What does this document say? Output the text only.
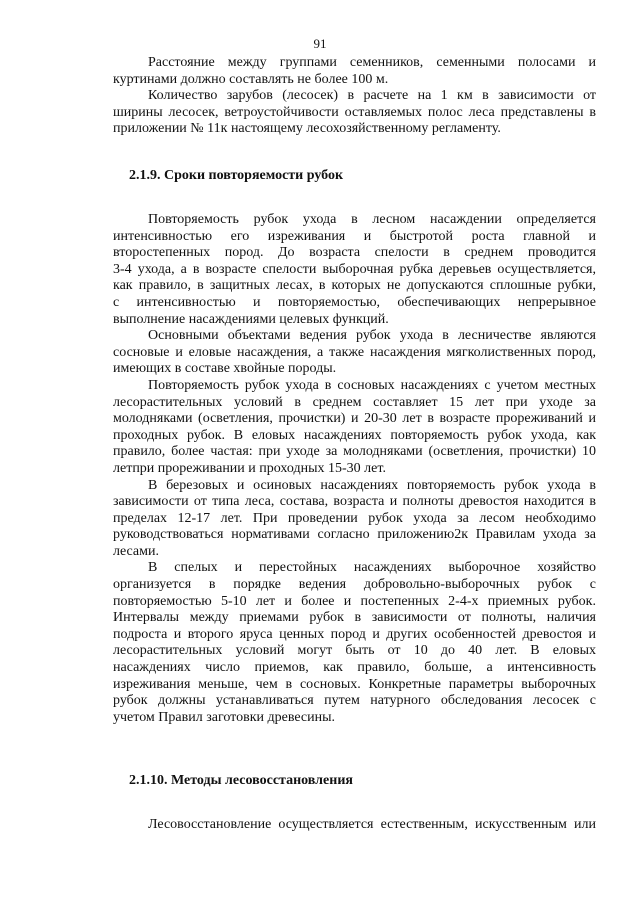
91
Расстояние между группами семенников, семенными полосами и
куртинами должно составлять не более 100 м.
Количество зарубов (лесосек) в расчете на 1 км в зависимости от
ширины лесосек, ветроустойчивости оставляемых полос леса представлены в
приложении № 11к настоящему лесохозяйственному регламенту.
2.1.9. Сроки повторяемости рубок
Повторяемость рубок ухода в лесном насаждении определяется
интенсивностью его изреживания и быстротой роста главной и
второстепенных пород. До возраста спелости в среднем проводится
3-4 ухода, а в возрасте спелости выборочная рубка деревьев осуществляется,
как правило, в защитных лесах, в которых не допускаются сплошные рубки,
с интенсивностью и повторяемостью, обеспечивающих непрерывное
выполнение насаждениями целевых функций.
Основными объектами ведения рубок ухода в лесничестве являются
сосновые и еловые насаждения, а также насаждения мягколиственных пород,
имеющих в составе хвойные породы.
Повторяемость рубок ухода в сосновых насаждениях с учетом местных
лесорастительных условий в среднем составляет 15 лет при уходе за
молодняками (осветления, прочистки) и 20-30 лет в возрасте прореживаний и
проходных рубок. В еловых насаждениях повторяемость рубок ухода, как
правило, более частая: при уходе за молодняками (осветления, прочистки) 10
летпри прореживании и проходных 15-30 лет.
В березовых и осиновых насаждениях повторяемость рубок ухода в
зависимости от типа леса, состава, возраста и полноты древостоя находится в
пределах 12-17 лет. При проведении рубок ухода за лесом необходимо
руководствоваться нормативами согласно приложению2к Правилам ухода за
лесами.
В спелых и перестойных насаждениях выборочное хозяйство
организуется в порядке ведения добровольно-выборочных рубок с
повторяемостью 5-10 лет и более и постепенных 2-4-х приемных рубок.
Интервалы между приемами рубок в зависимости от полноты, наличия
подроста и второго яруса ценных пород и других особенностей древостоя и
лесорастительных условий могут быть от 10 до 40 лет. В еловых
насаждениях число приемов, как правило, больше, а интенсивность
изреживания меньше, чем в сосновых. Конкретные параметры выборочных
рубок должны устанавливаться путем натурного обследования лесосек с
учетом Правил заготовки древесины.
2.1.10. Методы лесовосстановления
Лесовосстановление осуществляется естественным, искусственным или
